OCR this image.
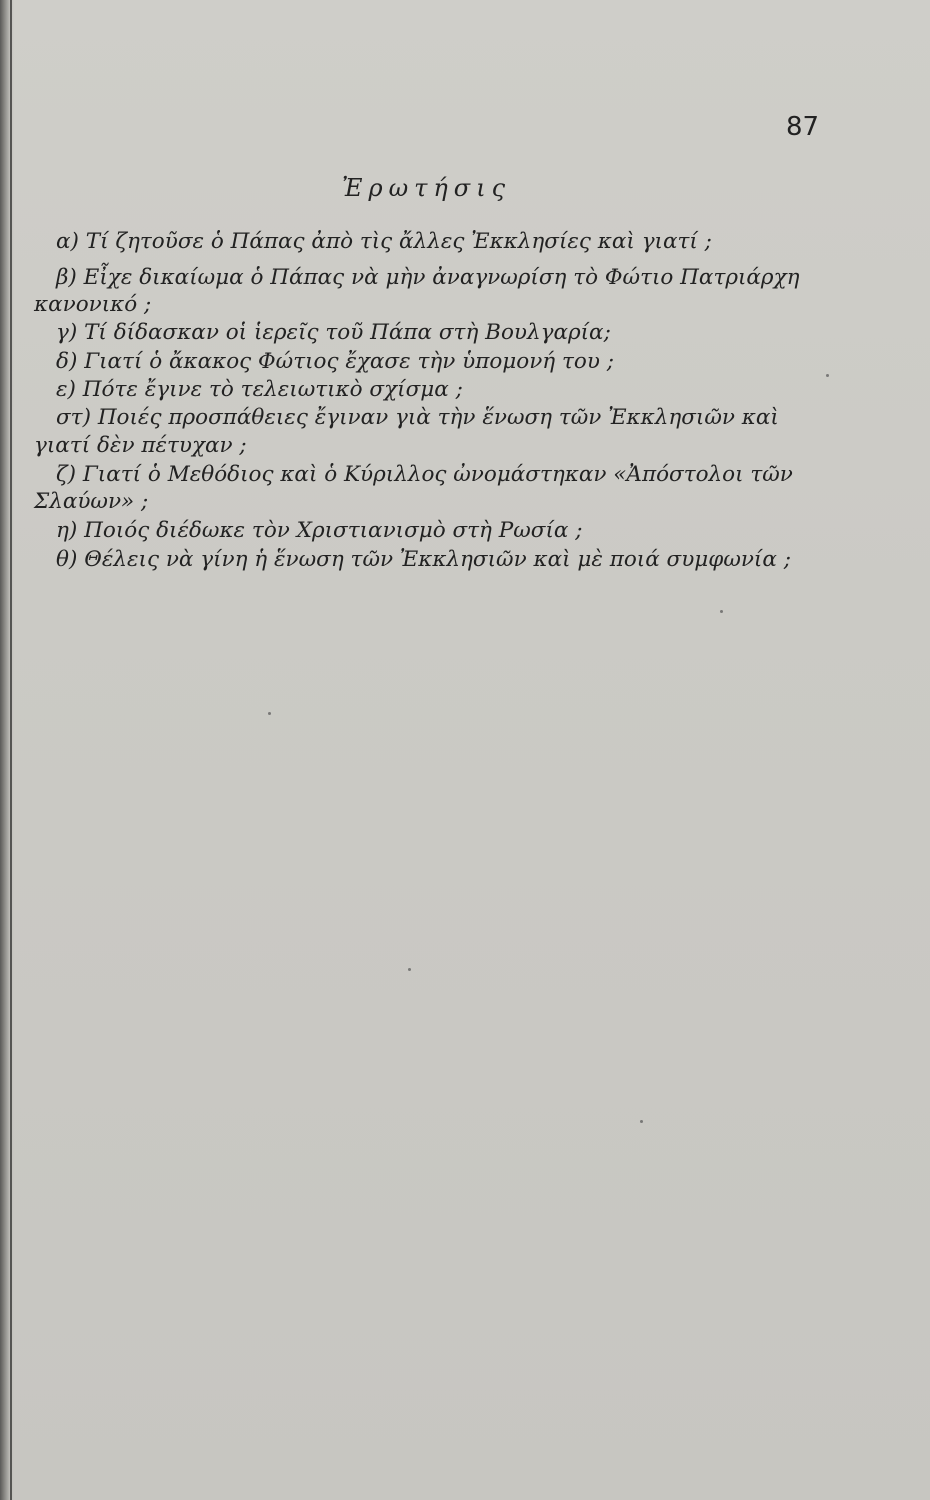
87
Ἐρωτήσις
α) Τί ζητοῦσε ὁ Πάπας ἀπὸ τὶς ἄλλες Ἐκκλησίες καὶ γιατί ;
β) Εἶχε δικαίωμα ὁ Πάπας νὰ μὴν ἀναγνωρίση τὸ Φώτιο Πατριάρχη
κανονικό ;
γ) Τί δίδασκαν οἱ ἱερεῖς τοῦ Πάπα στὴ Βουλγαρία;
δ) Γιατί ὁ ἄκακος Φώτιος ἔχασε τὴν ὑπομονή του ;
ε) Πότε ἔγινε τὸ τελειωτικὸ σχίσμα ;
στ) Ποιές προσπάθειες ἔγιναν γιὰ τὴν ἕνωση τῶν Ἐκκλησιῶν καὶ
γιατί δὲν πέτυχαν ;
ζ) Γιατί ὁ Μεθόδιος καὶ ὁ Κύριλλος ὠνομάστηκαν «Ἀπόστολοι τῶν
Σλαύων» ;
η) Ποιός διέδωκε τὸν Χριστιανισμὸ στὴ Ρωσία ;
θ) Θέλεις νὰ γίνη ἡ ἕνωση τῶν Ἐκκλησιῶν καὶ μὲ ποιά συμφωνία ;
